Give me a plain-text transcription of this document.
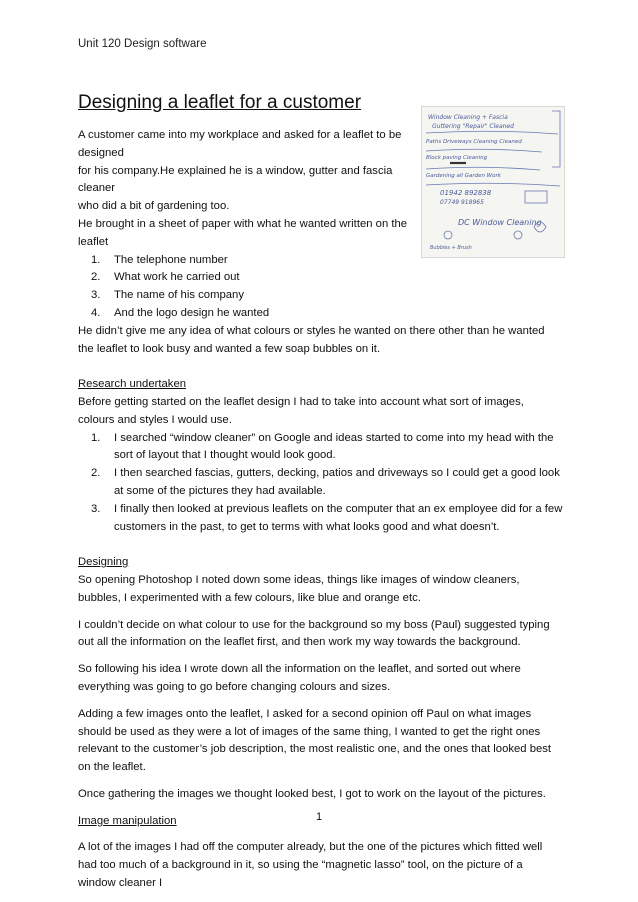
Unit 120 Design software
Designing a leaflet for a customer
Window Cleaning + Fascia
Guttering "Repair" Cleaned
Paths Driveways Cleaning Cleaned
Block paving Cleaning
Gardening all Garden Work
01942 892838
07749 918965
DC Window Cleaning
Bubbles + Brush

A customer came into my workplace and asked for a leaflet to be designed

for his company.He explained he is a window, gutter and fascia cleaner

who did a bit of gardening too.

He brought in a sheet of paper with what he wanted written on the leaflet

1. The telephone number
2. What work he carried out
3. The name of his company
4. And the logo design he wanted

He didn’t give me any idea of what colours or styles he wanted on there other than he wanted the leaflet to look busy and wanted a few soap bubbles on it.

Research undertaken

Before getting started on the leaflet design I had to take into account what sort of images, colours and styles I would use.

1. I searched “window cleaner” on Google and ideas started to come into my head with the sort of layout that I thought would look good.
2. I then searched fascias, gutters, decking, patios and driveways so I could get a good look at some of the pictures they had available.
3. I finally then looked at previous leaflets on the computer that an ex employee did for a few customers in the past, to get to terms with what looks good and what doesn’t.

Designing

So opening Photoshop I noted down some ideas, things like images of window cleaners, bubbles, I experimented with a few colours, like blue and orange etc.

I couldn’t decide on what colour to use for the background so my boss (Paul) suggested typing out all the information on the leaflet first, and then work my way towards the background.

So following his idea I wrote down all the information on the leaflet, and sorted out where everything was going to go before changing colours and sizes.

Adding a few images onto the leaflet, I asked for a second opinion off Paul on what images should be used as they were a lot of images of the same thing, I wanted to get the right ones relevant to the customer’s job description, the most realistic one, and the ones that looked best on the leaflet.

Once gathering the images we thought looked best, I got to work on the layout of the pictures.

Image manipulation

A lot of the images I had off the computer already, but the one of the pictures which fitted well had too much of a background in it, so using the “magnetic lasso” tool, on the picture of a window cleaner I

1
